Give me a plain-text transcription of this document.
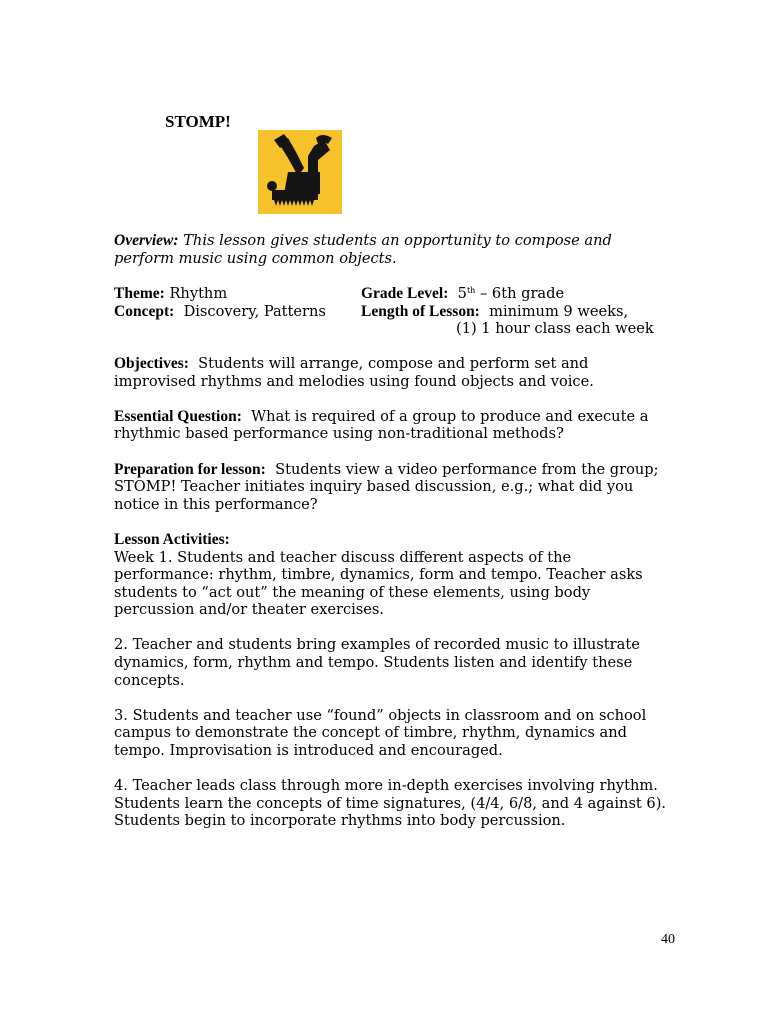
STOMP!
Overview: This lesson gives students an opportunity to compose and perform music using common objects.
Theme: Rhythm	Grade Level: 5th – 6th grade
Concept: Discovery, Patterns	Length of Lesson: minimum 9 weeks,
(1) 1 hour class each week

Objectives: Students will arrange, compose and perform set and improvised rhythms and melodies using found objects and voice.

Essential Question: What is required of a group to produce and execute a rhythmic based performance using non-traditional methods?

Preparation for lesson: Students view a video performance from the group; STOMP! Teacher initiates inquiry based discussion, e.g.; what did you notice in this performance?

Lesson Activities:

Week 1. Students and teacher discuss different aspects of the performance: rhythm, timbre, dynamics, form and tempo. Teacher asks students to “act out” the meaning of these elements, using body percussion and/or theater exercises.

2. Teacher and students bring examples of recorded music to illustrate dynamics, form, rhythm and tempo. Students listen and identify these concepts.

3. Students and teacher use “found” objects in classroom and on school campus to demonstrate the concept of timbre, rhythm, dynamics and tempo. Improvisation is introduced and encouraged.

4. Teacher leads class through more in-depth exercises involving rhythm. Students learn the concepts of time signatures, (4/4, 6/8, and 4 against 6). Students begin to incorporate rhythms into body percussion.

40
